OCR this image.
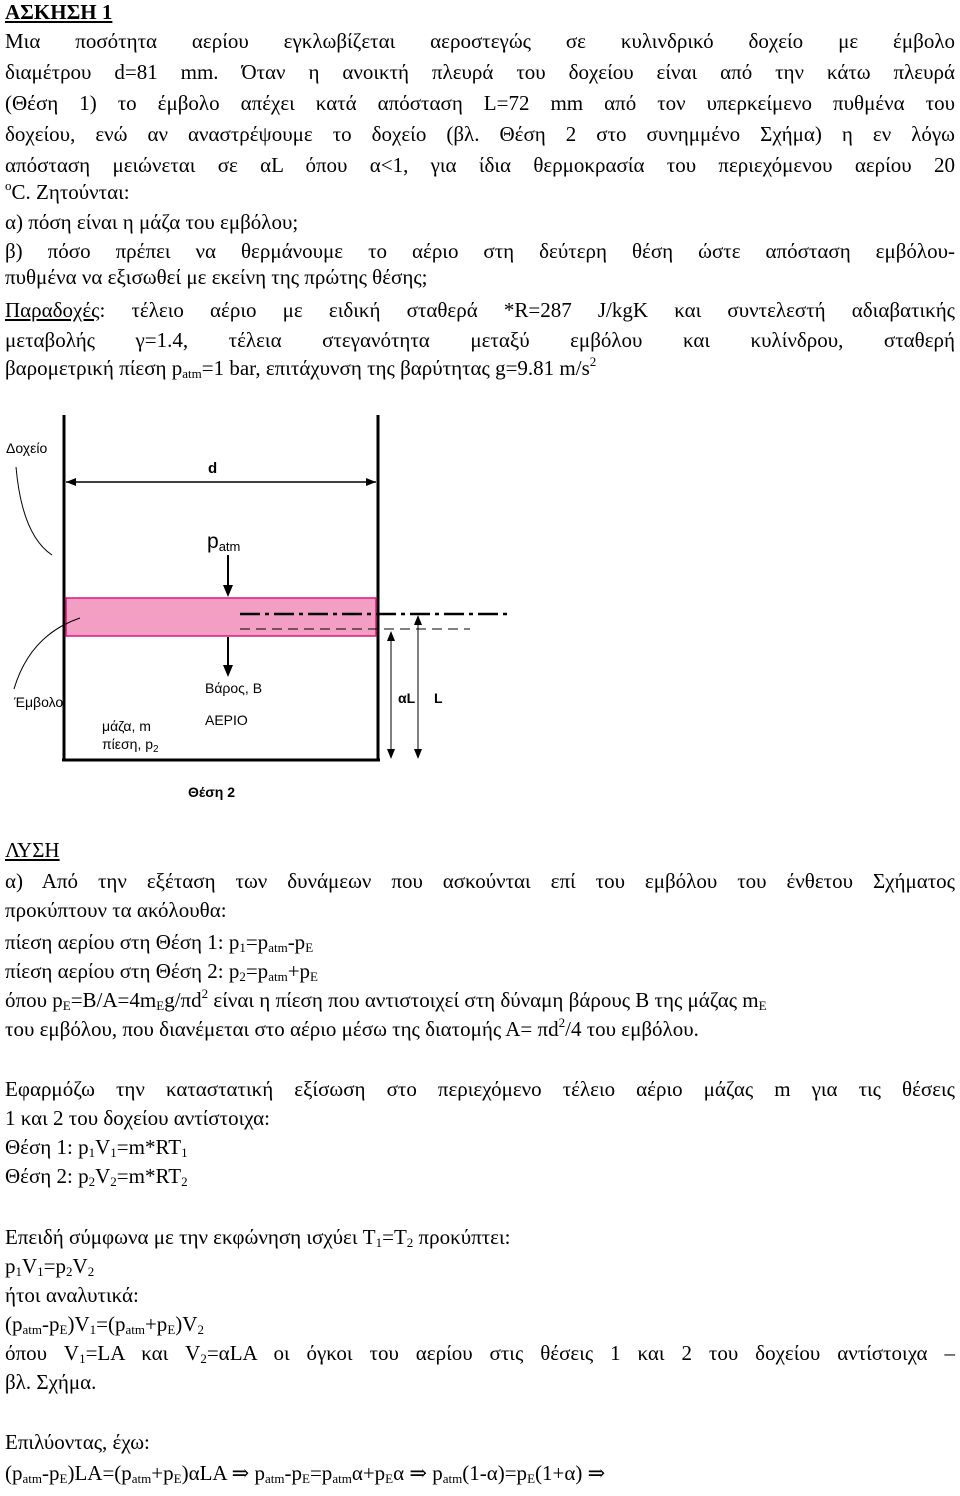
ΑΣΚΗΣΗ 1
Μια ποσότητα αερίου εγκλωβίζεται αεροστεγώς σε κυλινδρικό δοχείο με έμβολο
διαμέτρου d=81 mm. Όταν η ανοικτή πλευρά του δοχείου είναι από την κάτω πλευρά
(Θέση 1) το έμβολο απέχει κατά απόσταση L=72 mm από τον υπερκείμενο πυθμένα του
δοχείου, ενώ αν αναστρέψουμε το δοχείο (βλ. Θέση 2 στο συνημμένο Σχήμα) η εν λόγω
απόσταση μειώνεται σε αL όπου α<1, για ίδια θερμοκρασία του περιεχόμενου αερίου 20
$^o$C. Ζητούνται:
α) πόση είναι η μάζα του εμβόλου;
β) πόσο πρέπει να θερμάνουμε το αέριο στη δεύτερη θέση ώστε απόσταση εμβόλου-
πυθμένα να εξισωθεί με εκείνη της πρώτης θέσης;
Παραδοχές: τέλειο αέριο με ειδική σταθερά *R=287 J/kgK και συντελεστή αδιαβατικής
μεταβολής γ=1.4, τέλεια στεγανότητα μεταξύ εμβόλου και κυλίνδρου, σταθερή
βαρομετρική πίεση $p_{atm}=1$ bar, επιτάχυνση της βαρύτητας g=9.81 $m/s^2$
d
patm
Βάρος, Β
ΑΕΡΙΟ
μάζα, m
πίεση, $p_2$
αL L
Δοχείο
Έμβολο
Θέση 2
ΛΥΣΗ
α) Από την εξέταση των δυνάμεων που ασκούνται επί του εμβόλου του ένθετου Σχήματος
προκύπτουν τα ακόλουθα:
πίεση αερίου στη Θέση 1: $p_1=p_{atm}-p_E$
πίεση αερίου στη Θέση 2: $p_2=p_{atm}+p_E$
όπου $p_E=B/A=4m_Eg/\pi d^2$ είναι η πίεση που αντιστοιχεί στη δύναμη βάρους Β της μάζας $m_E$
του εμβόλου, που διανέμεται στο αέριο μέσω της διατομής $A= \pi d^2/4$ του εμβόλου.
Εφαρμόζω την καταστατική εξίσωση στο περιεχόμενο τέλειο αέριο μάζας m για τις θέσεις
1 και 2 του δοχείου αντίστοιχα:
Θέση 1: $p_1V_1=m*RT_1$
Θέση 2: $p_2V_2=m*RT_2$
Επειδή σύμφωνα με την εκφώνηση ισχύει $T_1=T_2$ προκύπτει:
$p_1V_1=p_2V_2$
ήτοι αναλυτικά:
$(p_{atm}-p_E)V_1=(p_{atm}+p_E)V_2$
όπου $V_1=LA$ και $V_2=\alpha LA$ οι όγκοι του αερίου στις θέσεις 1 και 2 του δοχείου αντίστοιχα –
βλ. Σχήμα.
Επιλύοντας, έχω:
$(p_{atm}-p_E)LA=(p_{atm}+p_E)\alpha LA$ ⇒ $p_{atm}-p_E=p_{atm}\alpha+p_E\alpha$ ⇒ $p_{atm}(1-\alpha)=p_E(1+\alpha)$ ⇒
